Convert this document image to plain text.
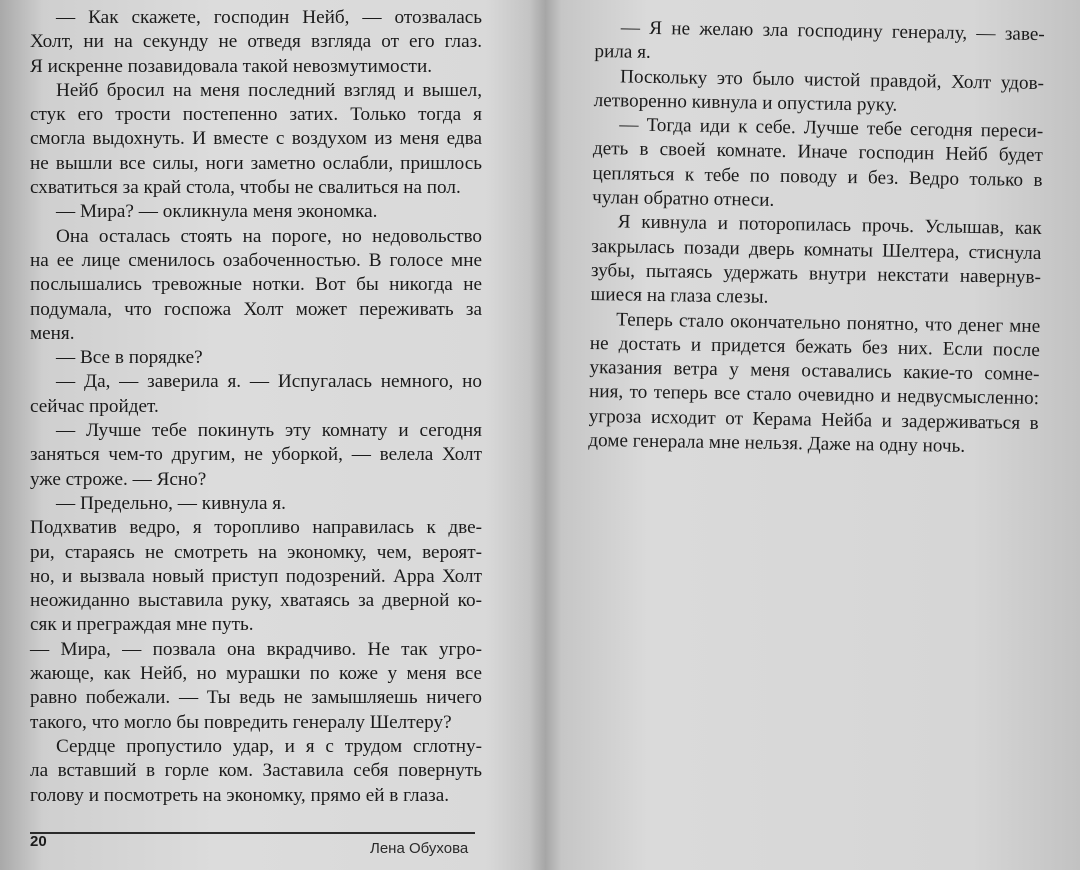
— Как скажете, господин Нейб, — отозвалась
Холт, ни на секунду не отведя взгляда от его глаз.
Я искренне позавидовала такой невозмутимости.
Нейб бросил на меня последний взгляд и вышел,
стук его трости постепенно затих. Только тогда я
смогла выдохнуть. И вместе с воздухом из меня едва
не вышли все силы, ноги заметно ослабли, пришлось
схватиться за край стола, чтобы не свалиться на пол.
— Мира? — окликнула меня экономка.
Она осталась стоять на пороге, но недовольство
на ее лице сменилось озабоченностью. В голосе мне
послышались тревожные нотки. Вот бы никогда не
подумала, что госпожа Холт может переживать за
меня.
— Все в порядке?
— Да, — заверила я. — Испугалась немного, но
сейчас пройдет.
— Лучше тебе покинуть эту комнату и сегодня
заняться чем-то другим, не уборкой, — велела Холт
уже строже. — Ясно?
— Предельно, — кивнула я.
Подхватив ведро, я торопливо направилась к две-
ри, стараясь не смотреть на экономку, чем, вероят-
но, и вызвала новый приступ подозрений. Арра Холт
неожиданно выставила руку, хватаясь за дверной ко-
сяк и преграждая мне путь.
— Мира, — позвала она вкрадчиво. Не так угро-
жающе, как Нейб, но мурашки по коже у меня все
равно побежали. — Ты ведь не замышляешь ничего
такого, что могло бы повредить генералу Шелтеру?
Сердце пропустило удар, и я с трудом сглотну-
ла вставший в горле ком. Заставила себя повернуть
голову и посмотреть на экономку, прямо ей в глаза.
20	Лена Обухова
— Я не желаю зла господину генералу, — заве-
рила я.
Поскольку это было чистой правдой, Холт удов-
летворенно кивнула и опустила руку.
— Тогда иди к себе. Лучше тебе сегодня переси-
деть в своей комнате. Иначе господин Нейб будет
цепляться к тебе по поводу и без. Ведро только в
чулан обратно отнеси.
Я кивнула и поторопилась прочь. Услышав, как
закрылась позади дверь комнаты Шелтера, стиснула
зубы, пытаясь удержать внутри некстати навернув-
шиеся на глаза слезы.
Теперь стало окончательно понятно, что денег мне
не достать и придется бежать без них. Если после
указания ветра у меня оставались какие-то сомне-
ния, то теперь все стало очевидно и недвусмысленно:
угроза исходит от Керама Нейба и задерживаться в
доме генерала мне нельзя. Даже на одну ночь.
